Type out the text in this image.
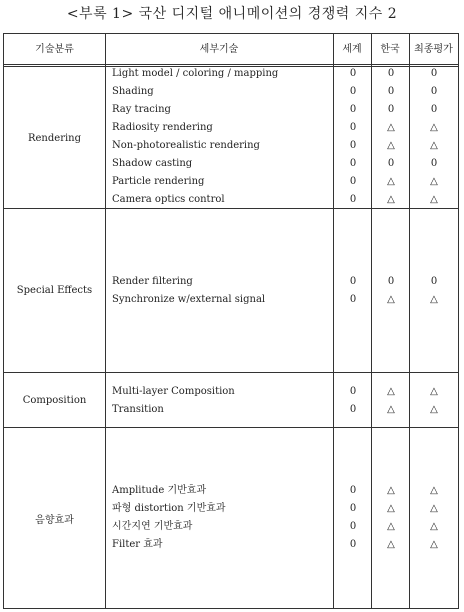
<부록 1> 국산 디지털 애니메이션의 경쟁력 지수 2
기술분류	세부기술	세계	한국	최종평가
Rendering
Light model / coloring / mapping	0	0	0
Shading	0	0	0
Ray tracing	0	0	0
Radiosity rendering	0	△	△
Non-photorealistic rendering	0	△	△
Shadow casting	0	0	0
Particle rendering	0	△	△
Camera optics control	0	△	△
Special Effects
Render filtering	0	0	0
Synchronize w/external signal	0	△	△
Composition
Multi-layer Composition	0	△	△
Transition	0	△	△
음향효과
Amplitude 기반효과	0	△	△
파형 distortion 기반효과	0	△	△
시간지연 기반효과	0	△	△
Filter 효과	0	△	△
